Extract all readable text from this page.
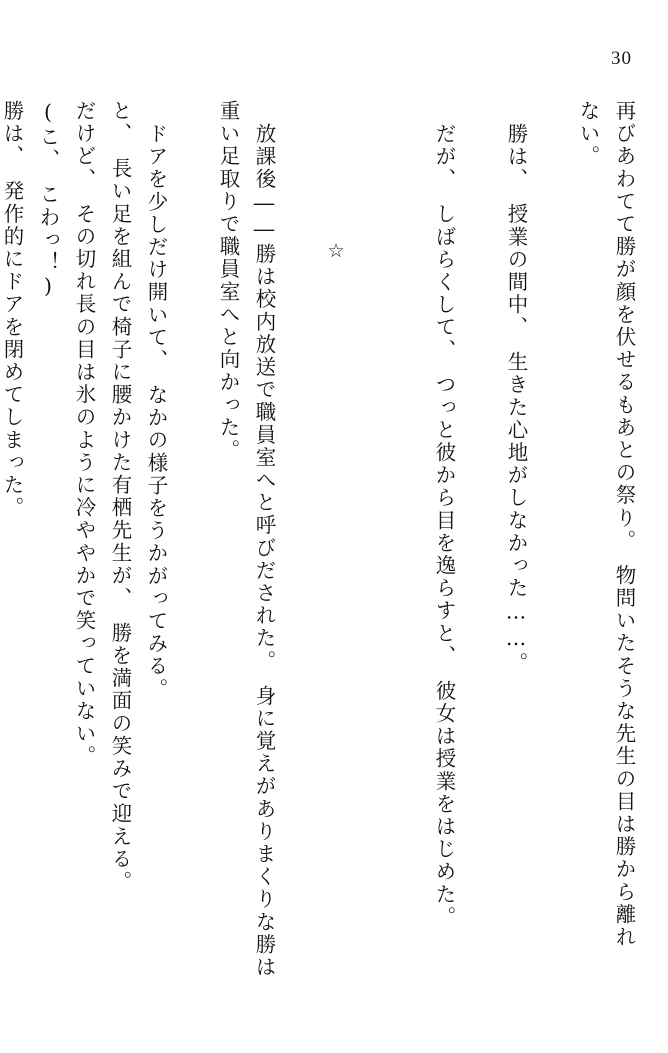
30
再びあわてて勝が顔を伏せるもあとの祭り。　物問いたそうな先生の目は勝から離れ
ない。
勝は、　授業の間中、　生きた心地がしなかった……。
だが、　しばらくして、　つっと彼から目を逸らすと、　彼女は授業をはじめた。
☆
放課後――勝は校内放送で職員室へと呼びだされた。　身に覚えがありまくりな勝は
重い足取りで職員室へと向かった。
ドアを少しだけ開いて、　なかの様子をうかがってみる。
と、　長い足を組んで椅子に腰かけた有栖先生が、　勝を満面の笑みで迎える。
だけど、　その切れ長の目は氷のように冷ややかで笑っていない。
(こ、　こわっ！)
勝は、　発作的にドアを閉めてしまった。
